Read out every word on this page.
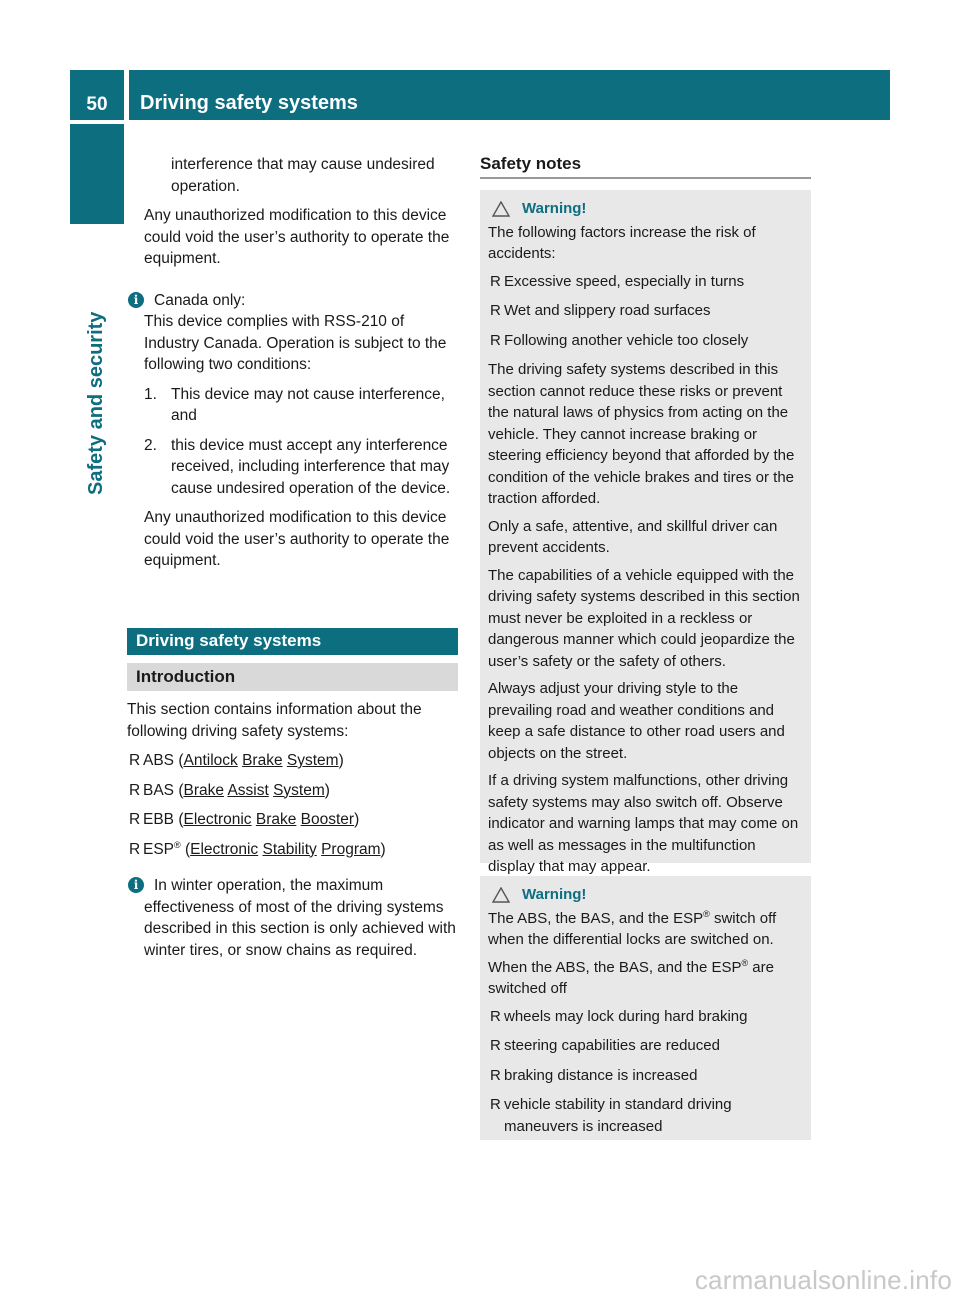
50	Driving safety systems
Safety and security

interference that may cause undesired operation.

Any unauthorized modification to this device could void the user’s authority to operate the equipment.

i	Canada only:

This device complies with RSS-210 of Industry Canada. Operation is subject to the following two conditions:

1. This device may not cause interference, and
2. this device must accept any interference received, including interference that may cause undesired operation of the device.

Any unauthorized modification to this device could void the user’s authority to operate the equipment.

Driving safety systems
Introduction

This section contains information about the following driving safety systems:

R ABS (Antilock Brake System)
R BAS (Brake Assist System)
R EBB (Electronic Brake Booster)
R ESP® (Electronic Stability Program)
i	In winter operation, the maximum effectiveness of most of the driving systems described in this section is only achieved with winter tires, or snow chains as required.

Safety notes
Warning!

The following factors increase the risk of accidents:

R Excessive speed, especially in turns
R Wet and slippery road surfaces
R Following another vehicle too closely

The driving safety systems described in this section cannot reduce these risks or prevent the natural laws of physics from acting on the vehicle. They cannot increase braking or steering efficiency beyond that afforded by the condition of the vehicle brakes and tires or the traction afforded.

Only a safe, attentive, and skillful driver can prevent accidents.

The capabilities of a vehicle equipped with the driving safety systems described in this section must never be exploited in a reckless or dangerous manner which could jeopardize the user’s safety or the safety of others.

Always adjust your driving style to the prevailing road and weather conditions and keep a safe distance to other road users and objects on the street.

If a driving system malfunctions, other driving safety systems may also switch off. Observe indicator and warning lamps that may come on as well as messages in the multifunction display that may appear.

Warning!

The ABS, the BAS, and the ESP® switch off when the differential locks are switched on.

When the ABS, the BAS, and the ESP® are switched off

R wheels may lock during hard braking
R steering capabilities are reduced
R braking distance is increased
R vehicle stability in standard driving maneuvers is increased
carmanualsonline.info
